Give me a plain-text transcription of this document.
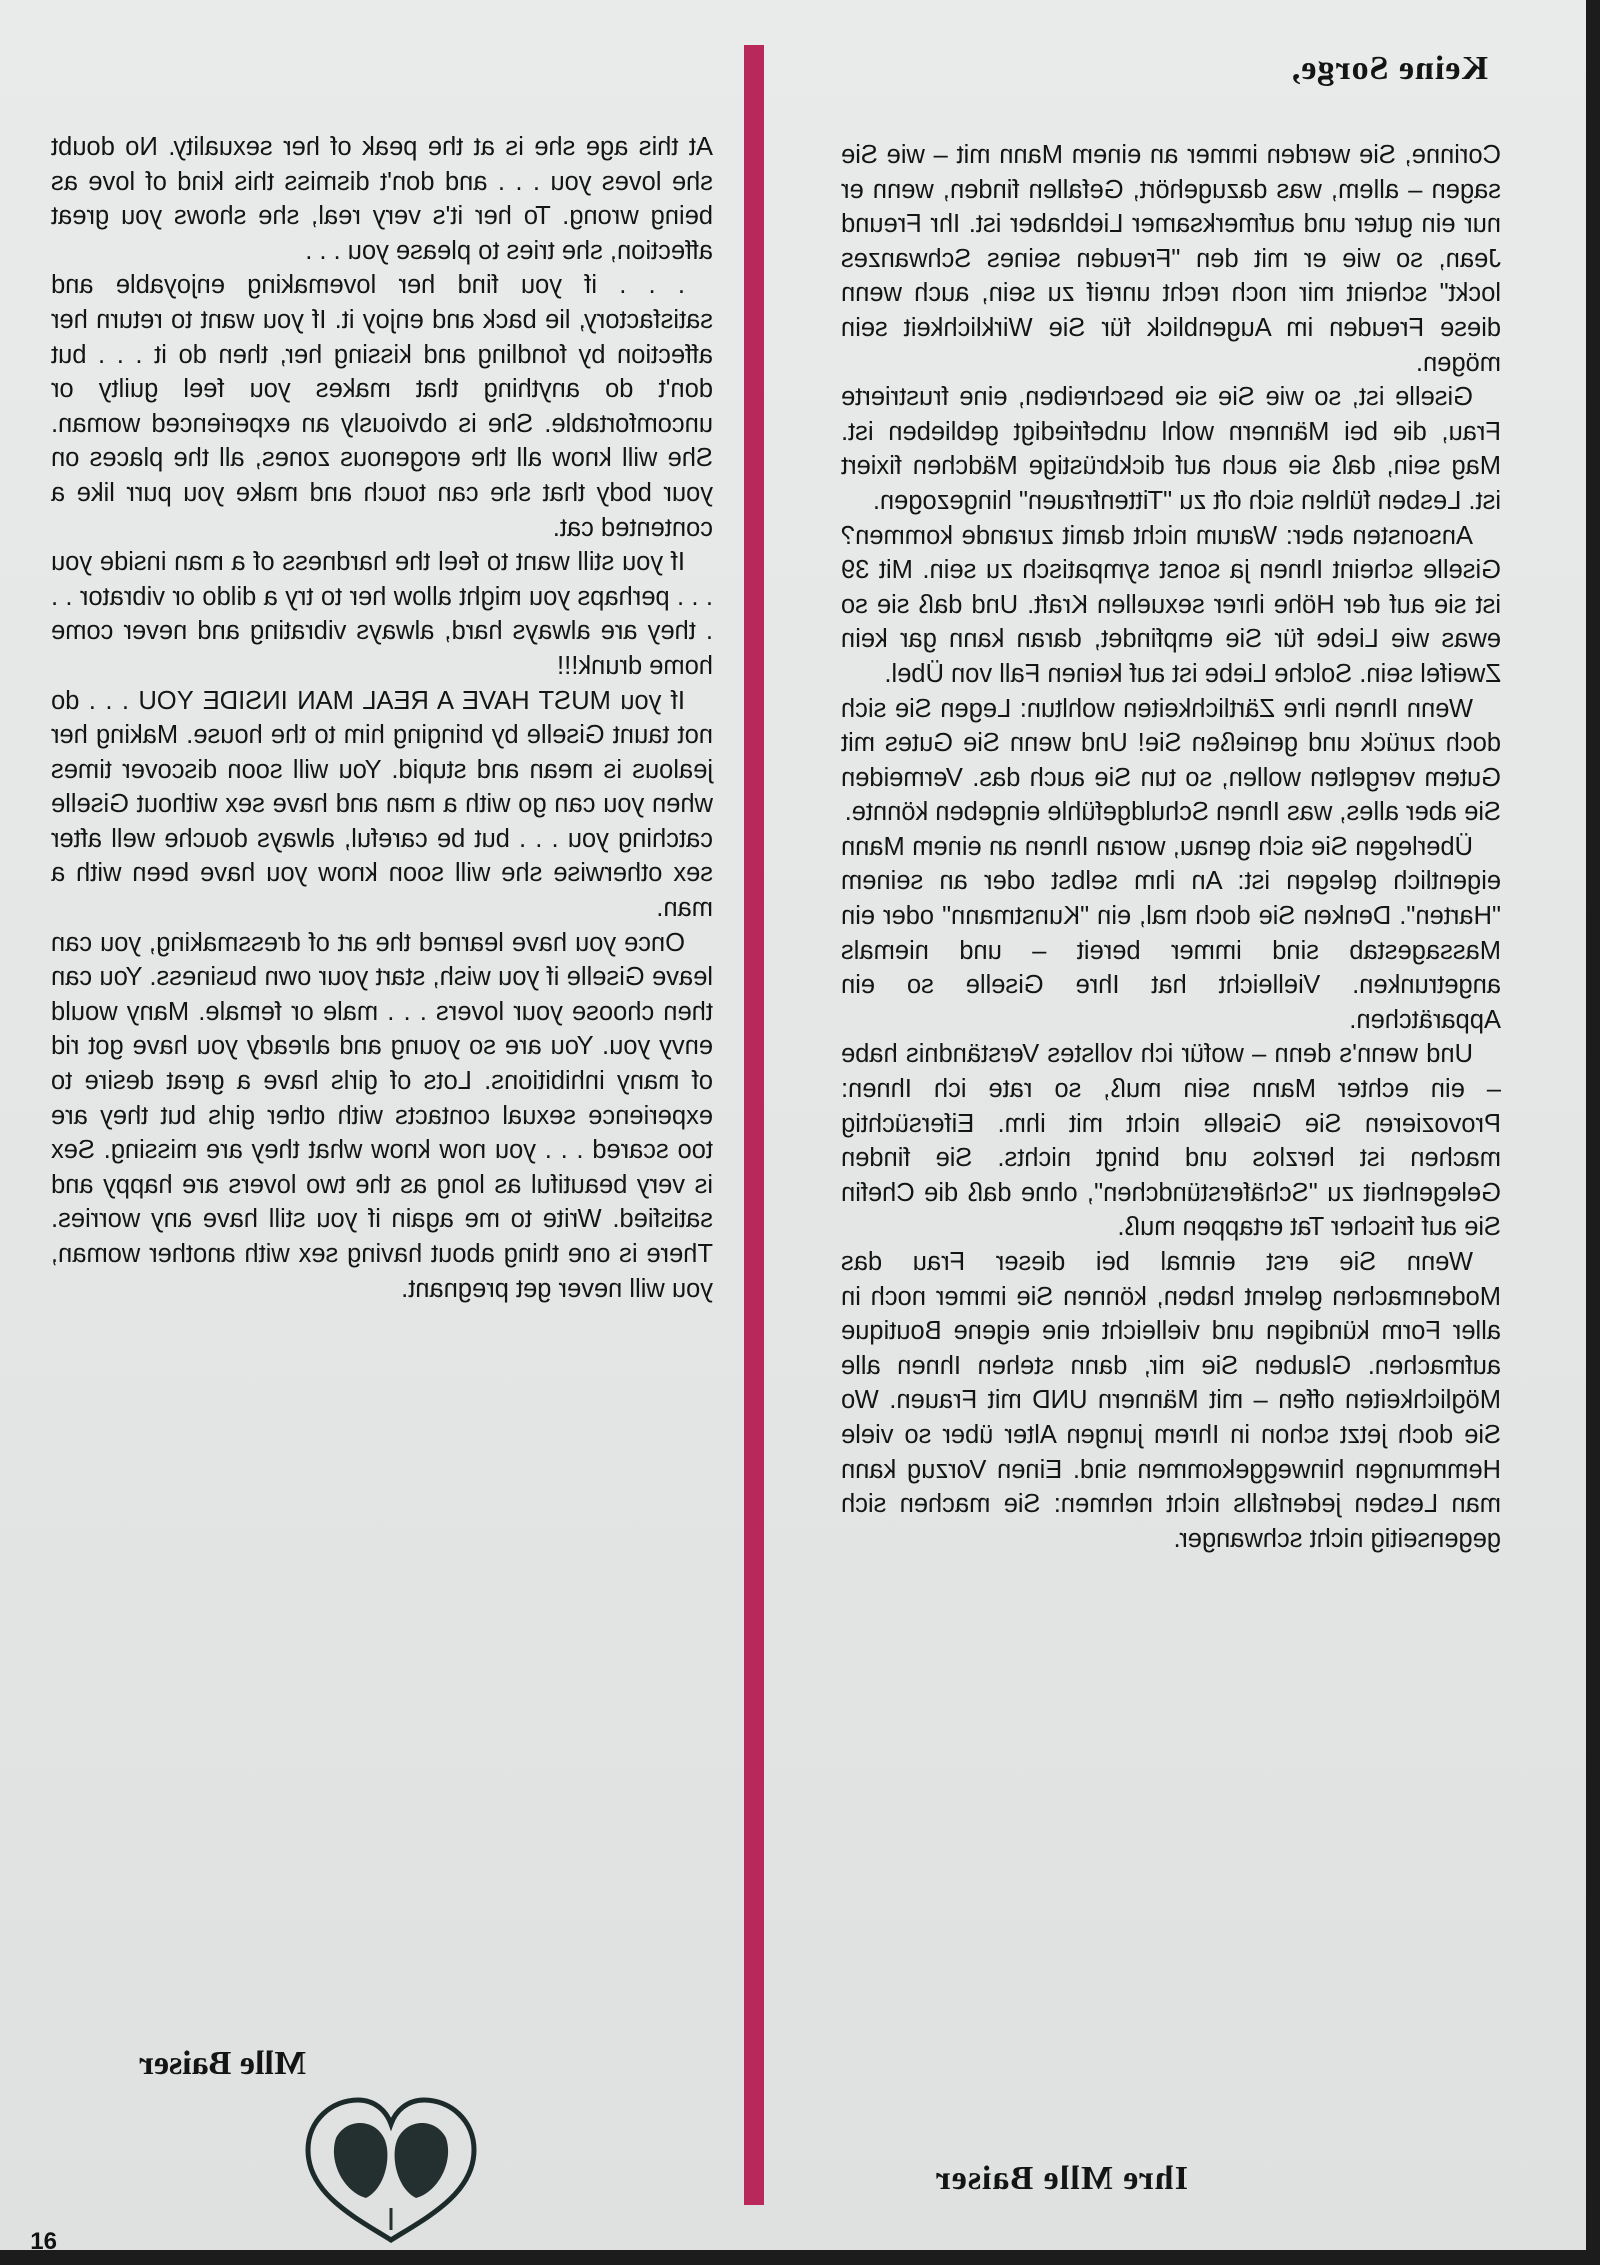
Keine Sorge,

Corinne, Sie werden immer an einem Mann mit – wie Sie sagen – allem, was dazugehört, Gefallen finden, wenn er nur ein guter und aufmerksamer Liebhaber ist. Ihr Freund Jean, so wie er mit den "Freuden seines Schwanzes lockt" scheint mir noch recht unreif zu sein, auch wenn diese Freuden im Augenblick für Sie Wirklichkeit sein mögen.

Giselle ist, so wie Sie sie beschreiben, eine frustrierte Frau, die bei Männern wohl unbefriedigt geblieben ist. Mag sein, daß sie auch auf dickbrüstige Mädchen fixiert ist. Lesben fühlen sich oft zu "Tittenfrauen" hingezogen.

Ansonsten aber: Warum nicht damit zurande kommen? Giselle scheint Ihnen ja sonst sympatisch zu sein. Mit 39 ist sie auf der Höhe ihrer sexuellen Kraft. Und daß sie so ewas wie Liebe für Sie empfindet, daran kann gar kein Zweifel sein. Solche Liebe ist auf keinen Fall von Übel.

Wenn Ihnen ihre Zärtlichkeiten wohltun: Legen Sie sich doch zurück und genießen Sie! Und wenn Sie Gutes mit Gutem vergelten wollen, so tun Sie auch das. Vermeiden Sie aber alles, was Ihnen Schuldgefühle eingeben könnte.

Überlegen Sie sich genau, woran Ihnen an einem Mann eigentlich gelegen ist: An ihm selbst oder an seinem "Harten". Denken Sie doch mal, ein "Kunstmann" oder ein Massagestab sind immer bereit – und niemals angetrunken. Vielleicht hat Ihre Giselle so ein Apparätchen.

Und wenn's denn – wofür ich vollstes Verständnis habe – ein echter Mann sein muß, so rate ich Ihnen: Provozieren Sie Giselle nicht mit ihm. Eifersüchtig machen ist herzlos und bringt nichts. Sie finden Gelegenheit zu "Schäferstündchen", ohne daß die Chefin Sie auf frischer Tat ertappen muß.

Wenn Sie erst einmal bei dieser Frau das Modenmachen gelernt haben, können Sie immer noch in aller Form kündigen und vielleicht eine eigene Boutique aufmachen. Glauben Sie mir, dann stehen Ihnen alle Möglichkeiten offen – mit Männern UND mit Frauen. Wo Sie doch jetzt schon in Ihrem jungen Alter über so viele Hemmungen hinweggekommen sind. Einen Vorzug kann man Lesben jedenfalls nicht nehmen: Sie machen sich gegenseitig nicht schwanger.

Ihre Mlle Baiser

At this age she is at the peak of her sexuality. No doubt she loves you . . . and don't dismiss this kind of love as being wrong. To her it's very real, she shows you great affection, she tries to please you . . .

. . . if you find her lovemaking enjoyable and satisfactory, lie back and enjoy it. If you want to return her affection by fondling and kissing her, then do it . . . but don't do anything that makes you feel guilty or uncomfortable. She is obviously an experienced woman. She will know all the erogenous zones, all the places on your body that she can touch and make you purr like a contented cat.

If you still want to feel the hardness of a man inside you . . . perhaps you might allow her to try a dildo or vibrator . . . they are always hard, always vibrating and never come home drunk!!!

If you MUST HAVE A REAL MAN INSIDE YOU . . . do not taunt Giselle by bringing him to the house. Making her jealous is mean and stupid. You will soon discover times when you can go with a man and have sex without Giselle catching you . . . but be careful, always douche well after sex otherwise she will soon know you have been with a man.

Once you have learned the art of dressmaking, you can leave Giselle if you wish, start your own business. You can then choose your lovers . . . male or female. Many would envy you. You are so young and already you have got rid of many inhibitions. Lots of girls have a great desire to experience sexual contacts with other girls but they are too scared . . . you now know what they are missing. Sex is very beautiful as long as the two lovers are happy and satisfied. Write to me again if you still have any worries. There is one thing about having sex with another woman, you will never get pregnant.

Mlle Baiser
16
